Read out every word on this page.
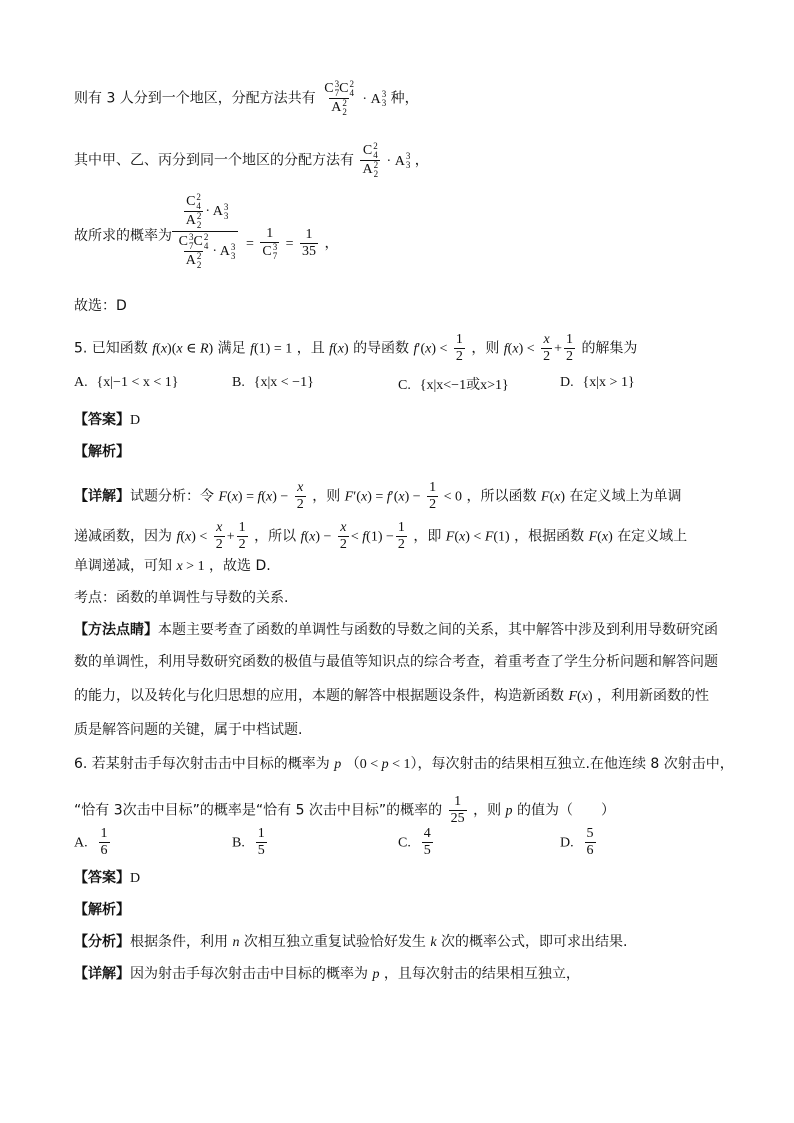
则有 3 人分到一个地区，分配方法共有 C 3
7 C 2
4
A 2
2 · A 3
3 种，
其中甲、乙、丙分到同一个地区的分配方法有 C 2
4
A 2
2 · A 3
3 ，
故所求的概率为
C 2
4
A 2
2 · A 3
3
C 3
7 C 2
4
A 2
2 · A 3
3
= 1
C 3
$7 = \frac{1}{35}$ ，
故选：D
5. 已知函数 f(x)(x ∈ R) 满足 f(1) = 1 ，且 f(x) 的导函数 $f'(x) < \frac{1}{2}$ ，则 $f(x) < \frac{x}{2} + \frac{1}{2}$ 的解集为
A. {x|−1 < x < 1}	B. {x|x < −1}	C. {x|x<−1或x>1}	D. {x|x > 1}
【答案】D
【解析】
【详解】试题分析：令 $F(x) = f(x) - \frac{x}{2}$ ，则 $F'(x) = f'(x) - \frac{1}{2} < 0$ ，所以函数 F(x) 在定义域上为单调
递减函数，因为 $f(x) < \frac{x}{2} + \frac{1}{2}$ ，所以 $f(x) - \frac{x}{2} < f(1) - \frac{1}{2}$ ，即 F(x) < F(1) ，根据函数 F(x) 在定义域上
单调递减，可知 x > 1 ，故选 D.
考点：函数的单调性与导数的关系.
【方法点睛】本题主要考查了函数的单调性与函数的导数之间的关系，其中解答中涉及到利用导数研究函
数的单调性，利用导数研究函数的极值与最值等知识点的综合考查，着重考查了学生分析问题和解答问题
的能力，以及转化与化归思想的应用，本题的解答中根据题设条件，构造新函数 F(x) ，利用新函数的性
质是解答问题的关键，属于中档试题.
6. 若某射击手每次射击击中目标的概率为 p （0 < p < 1），每次射击的结果相互独立.在他连续 8 次射击中，
“恰有 3次击中目标”的概率是“恰有 5 次击中目标”的概率的 $\frac{1}{25}$ ，则 p 的值为（　　）
A. $\frac{1}{6}$	B. $\frac{1}{5}$	C. $\frac{4}{5}$	D. $\frac{5}{6}$
【答案】D
【解析】
【分析】根据条件，利用 n 次相互独立重复试验恰好发生 k 次的概率公式，即可求出结果.
【详解】因为射击手每次射击击中目标的概率为 p ，且每次射击的结果相互独立，
